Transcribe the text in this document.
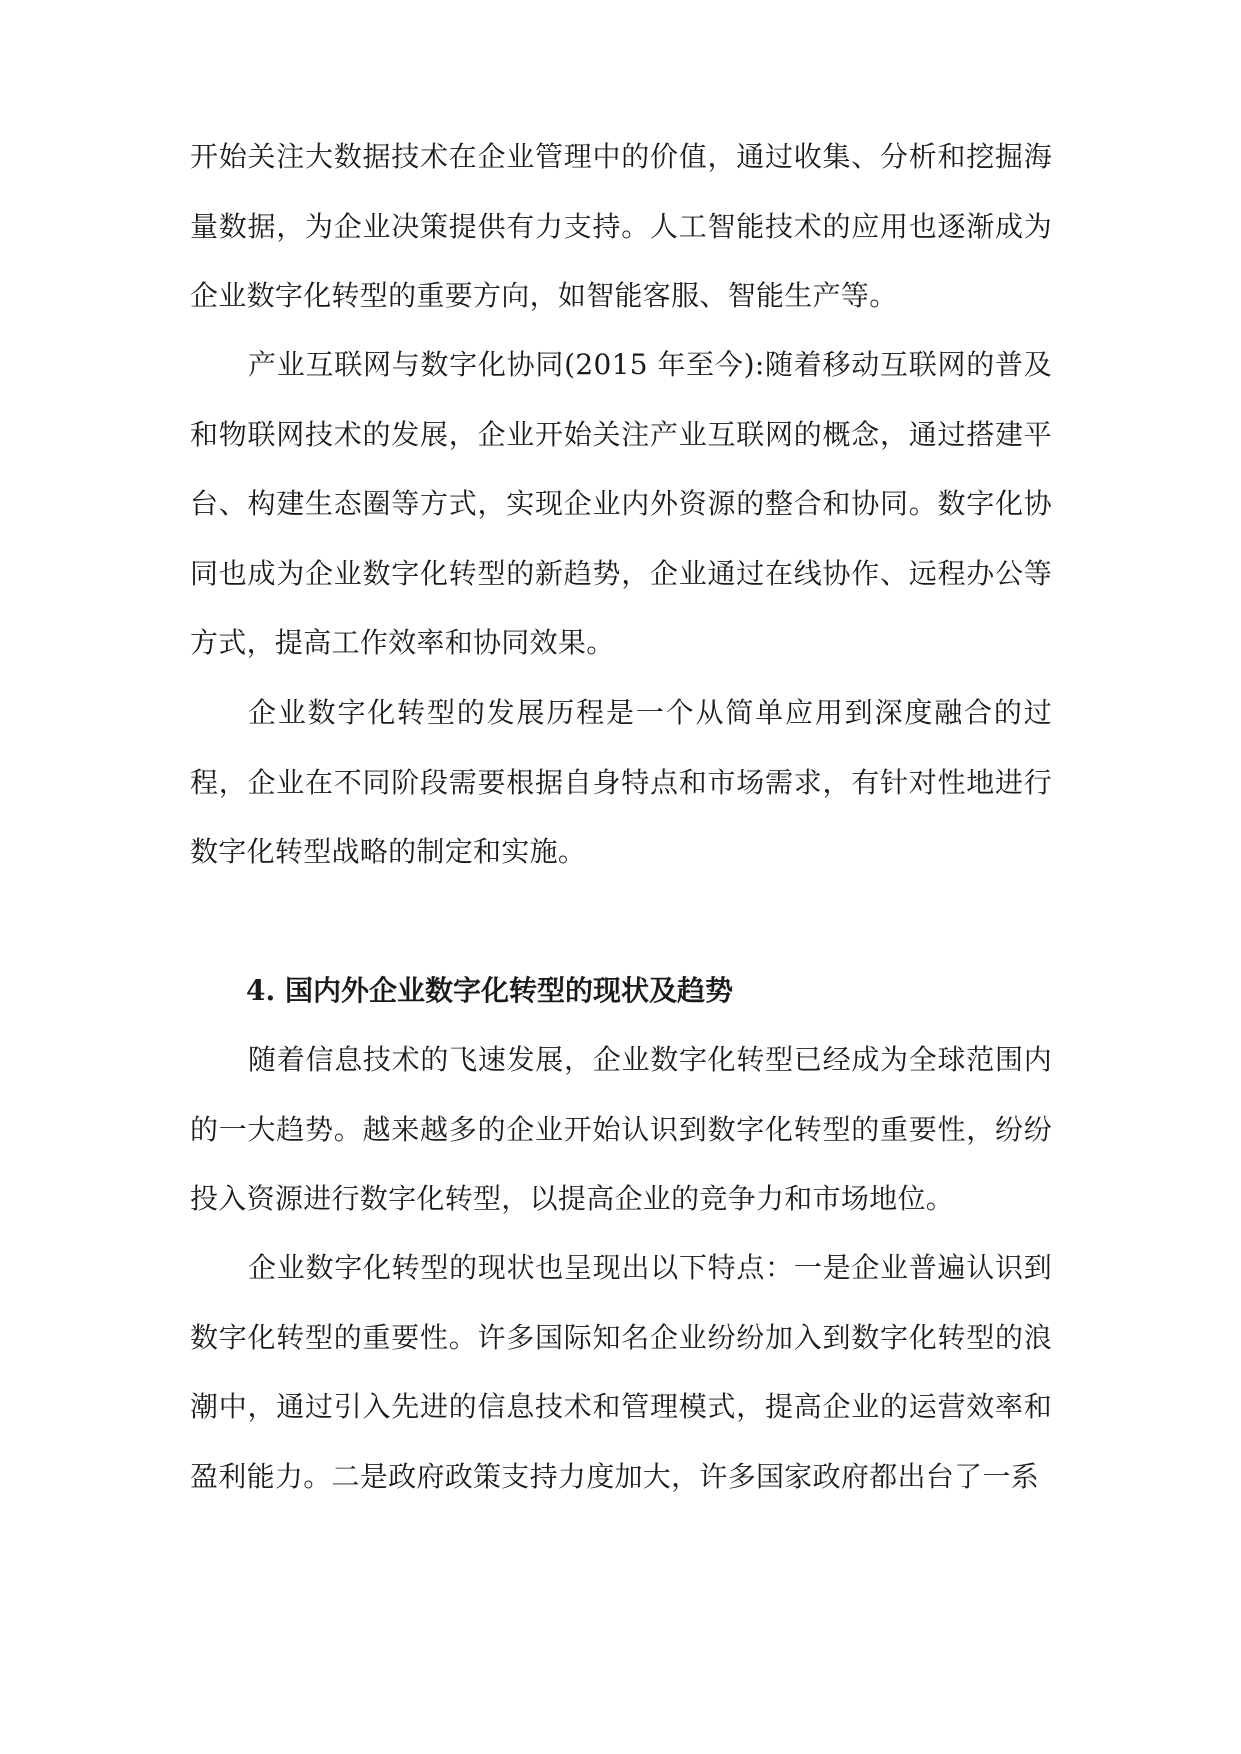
开始关注大数据技术在企业管理中的价值，通过收集、分析和挖掘海量数据，为企业决策提供有力支持。人工智能技术的应用也逐渐成为企业数字化转型的重要方向，如智能客服、智能生产等。

产业互联网与数字化协同(2015 年至今):随着移动互联网的普及和物联网技术的发展，企业开始关注产业互联网的概念，通过搭建平台、构建生态圈等方式，实现企业内外资源的整合和协同。数字化协同也成为企业数字化转型的新趋势，企业通过在线协作、远程办公等方式，提高工作效率和协同效果。

企业数字化转型的发展历程是一个从简单应用到深度融合的过程，企业在不同阶段需要根据自身特点和市场需求，有针对性地进行数字化转型战略的制定和实施。

4. 国内外企业数字化转型的现状及趋势

随着信息技术的飞速发展，企业数字化转型已经成为全球范围内的一大趋势。越来越多的企业开始认识到数字化转型的重要性，纷纷投入资源进行数字化转型，以提高企业的竞争力和市场地位。

企业数字化转型的现状也呈现出以下特点：一是企业普遍认识到数字化转型的重要性。许多国际知名企业纷纷加入到数字化转型的浪潮中，通过引入先进的信息技术和管理模式，提高企业的运营效率和盈利能力。二是政府政策支持力度加大，许多国家政府都出台了一系
